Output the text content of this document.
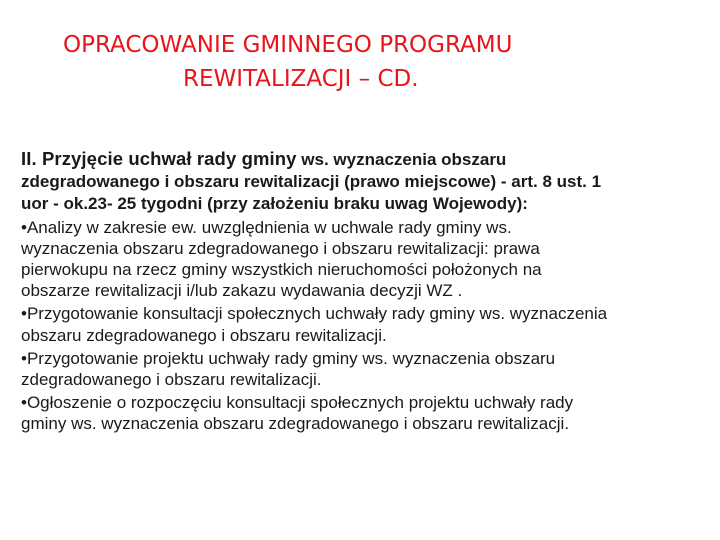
OPRACOWANIE GMINNEGO PROGRAMU
REWITALIZACJI – CD.

II. Przyjęcie uchwał rady gminy ws. wyznaczenia obszaru
zdegradowanego i obszaru rewitalizacji (prawo miejscowe) - art. 8 ust. 1
uor - ok.23- 25 tygodni (przy założeniu braku uwag Wojewody):

•Analizy w zakresie ew. uwzględnienia w uchwale rady gminy ws.
wyznaczenia obszaru zdegradowanego i obszaru rewitalizacji: prawa
pierwokupu na rzecz gminy wszystkich nieruchomości położonych na
obszarze rewitalizacji i/lub zakazu wydawania decyzji WZ .

•Przygotowanie konsultacji społecznych uchwały rady gminy ws. wyznaczenia
obszaru zdegradowanego i obszaru rewitalizacji.

•Przygotowanie projektu uchwały rady gminy ws. wyznaczenia obszaru
zdegradowanego i obszaru rewitalizacji.

•Ogłoszenie o rozpoczęciu konsultacji społecznych projektu uchwały rady
gminy ws. wyznaczenia obszaru zdegradowanego i obszaru rewitalizacji.
